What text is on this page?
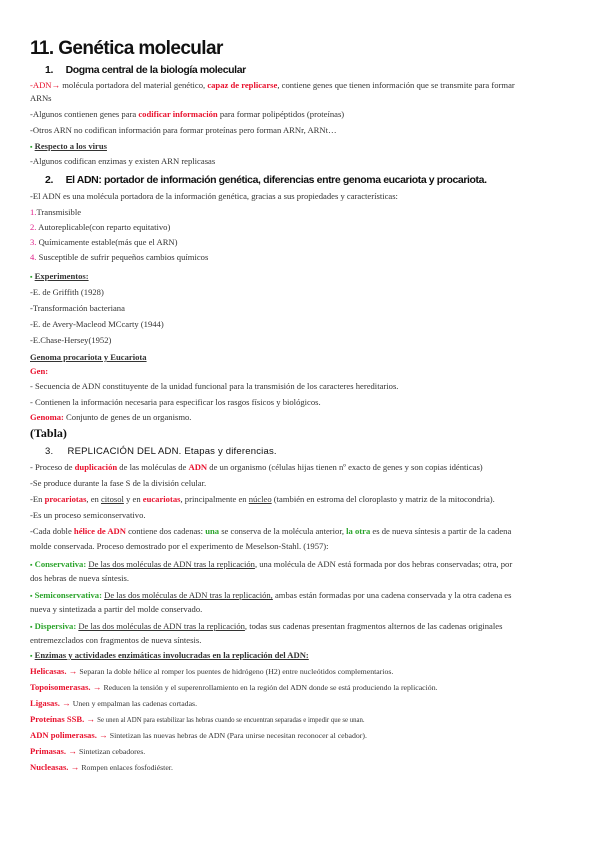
11. Genética molecular
1. Dogma central de la biología molecular
-ADN→ molécula portadora del material genético, capaz de replicarse, contiene genes que tienen información que se transmite para formar
ARNs
-Algunos contienen genes para codificar información para formar polipéptidos (proteínas)
-Otros ARN no codifican información para formar proteínas pero forman ARNr, ARNt…
▪ Respecto a los virus
-Algunos codifican enzimas y existen ARN replicasas
2. El ADN: portador de información genética, diferencias entre genoma eucariota y procariota.
-El ADN es una molécula portadora de la información genética, gracias a sus propiedades y características:
1.Transmisible
2. Autoreplicable(con reparto equitativo)
3. Químicamente estable(más que el ARN)
4. Susceptible de sufrir pequeños cambios químicos
▪ Experimentos:
-E. de Griffith (1928)
-Transformación bacteriana
-E. de Avery-Macleod MCcarty (1944)
-E.Chase-Hersey(1952)
Genoma procariota y Eucariota
Gen:
- Secuencia de ADN constituyente de la unidad funcional para la transmisión de los caracteres hereditarios.
- Contienen la información necesaria para especificar los rasgos físicos y biológicos.
Genoma: Conjunto de genes de un organismo.
(Tabla)
3. REPLICACIÓN DEL ADN. Etapas y diferencias.
- Proceso de duplicación de las moléculas de ADN de un organismo (células hijas tienen nº exacto de genes y son copias idénticas)
-Se produce durante la fase S de la división celular.
-En procariotas, en citosol y en eucariotas, principalmente en núcleo (también en estroma del cloroplasto y matriz de la mitocondria).
-Es un proceso semiconservativo.
-Cada doble hélice de ADN contiene dos cadenas: una se conserva de la molécula anterior, la otra es de nueva síntesis a partir de la cadena
molde conservada. Proceso demostrado por el experimento de Meselson-Stahl. (1957):
▪ Conservativa: De las dos moléculas de ADN tras la replicación, una molécula de ADN está formada por dos hebras conservadas; otra, por
dos hebras de nueva síntesis.
▪ Semiconservativa: De las dos moléculas de ADN tras la replicación, ambas están formadas por una cadena conservada y la otra cadena es
nueva y sintetizada a partir del molde conservado.
▪ Dispersiva: De las dos moléculas de ADN tras la replicación, todas sus cadenas presentan fragmentos alternos de las cadenas originales
entremezclados con fragmentos de nueva síntesis.
▪ Enzimas y actividades enzimáticas involucradas en la replicación del ADN:
Helicasas. → Separan la doble hélice al romper los puentes de hidrógeno (H2) entre nucleótidos complementarios.
Topoisomerasas. → Reducen la tensión y el superenrollamiento en la región del ADN donde se está produciendo la replicación.
Ligasas. → Unen y empalman las cadenas cortadas.
Proteínas SSB. → Se unen al ADN para estabilizar las hebras cuando se encuentran separadas e impedir que se unan.
ADN polimerasas. → Sintetizan las nuevas hebras de ADN (Para unirse necesitan reconocer al cebador).
Primasas. → Sintetizan cebadores.
Nucleasas. → Rompen enlaces fosfodiéster.
